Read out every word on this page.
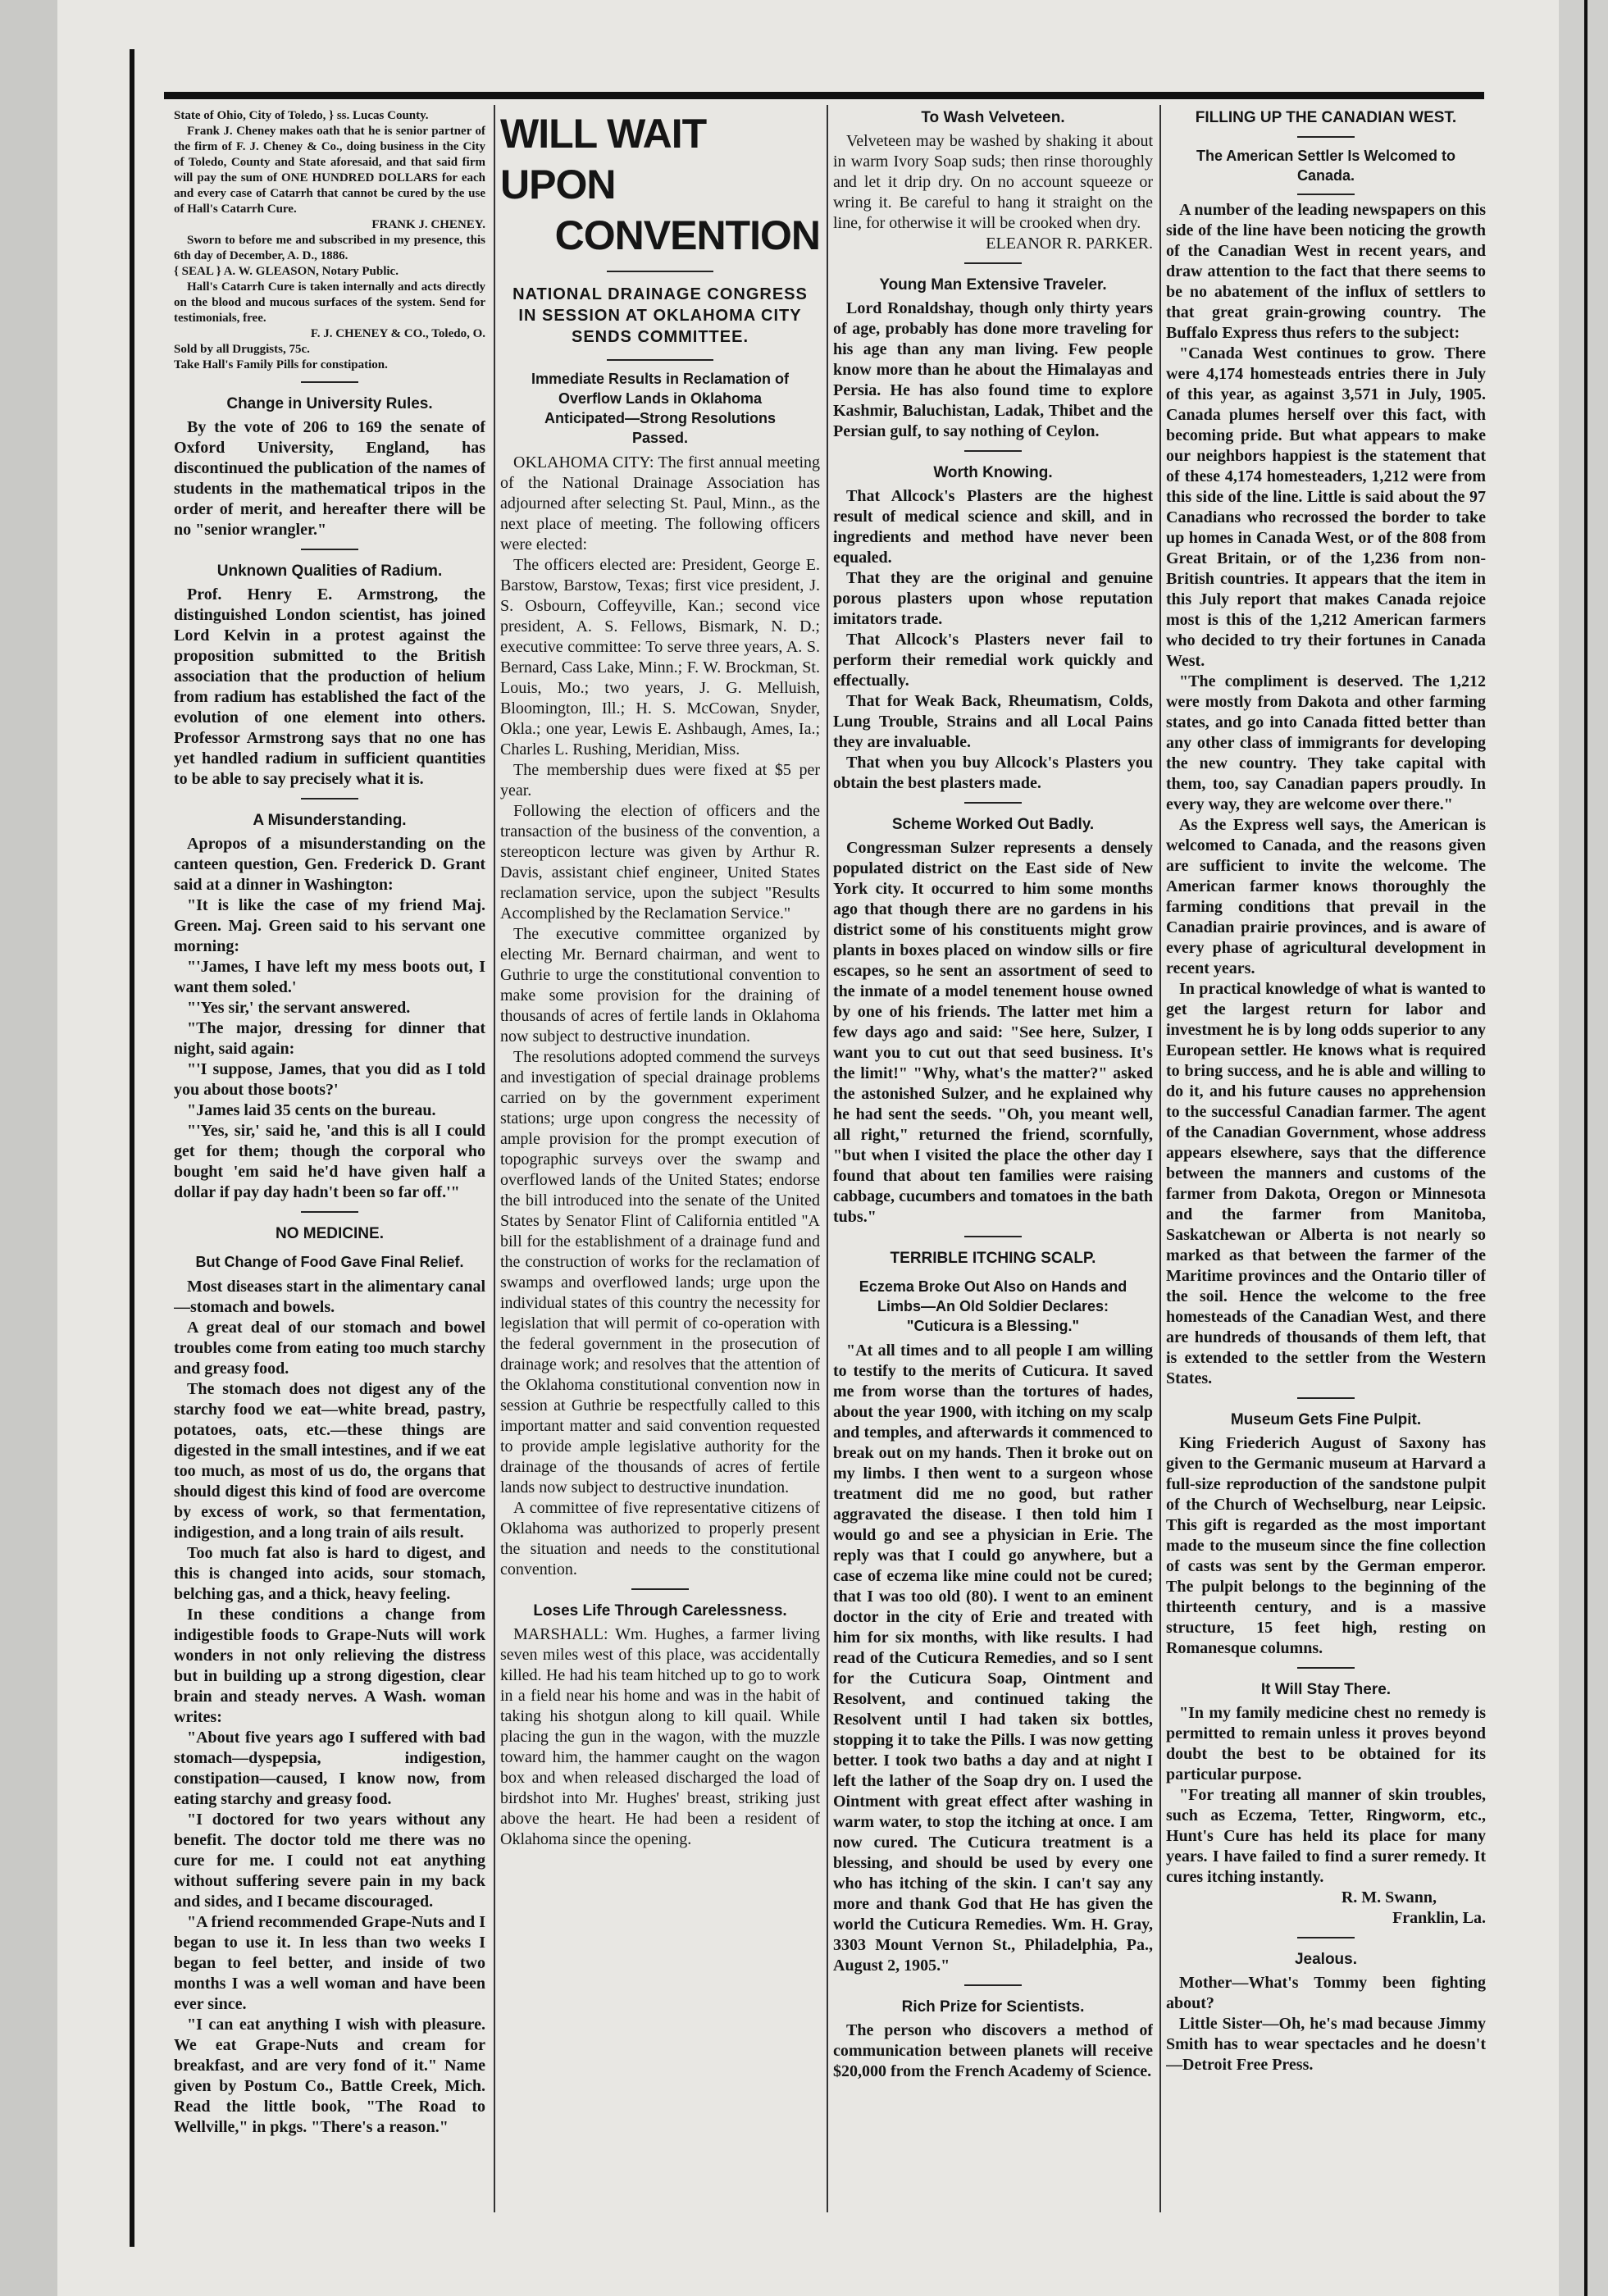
State of Ohio, City of Toledo, } ss. Lucas County.

Frank J. Cheney makes oath that he is senior partner of the firm of F. J. Cheney & Co., doing business in the City of Toledo, County and State aforesaid, and that said firm will pay the sum of ONE HUNDRED DOLLARS for each and every case of Catarrh that cannot be cured by the use of Hall's Catarrh Cure.

FRANK J. CHENEY.

Sworn to before me and subscribed in my presence, this 6th day of December, A. D., 1886.

{ SEAL } A. W. GLEASON, Notary Public.

Hall's Catarrh Cure is taken internally and acts directly on the blood and mucous surfaces of the system. Send for testimonials, free.

F. J. CHENEY & CO., Toledo, O.

Sold by all Druggists, 75c.

Take Hall's Family Pills for constipation.

Change in University Rules.

By the vote of 206 to 169 the senate of Oxford University, England, has discontinued the publication of the names of students in the mathematical tripos in the order of merit, and hereafter there will be no "senior wrangler."

Unknown Qualities of Radium.

Prof. Henry E. Armstrong, the distinguished London scientist, has joined Lord Kelvin in a protest against the proposition submitted to the British association that the production of helium from radium has established the fact of the evolution of one element into others. Professor Armstrong says that no one has yet handled radium in sufficient quantities to be able to say precisely what it is.

A Misunderstanding.

Apropos of a misunderstanding on the canteen question, Gen. Frederick D. Grant said at a dinner in Washington:

"It is like the case of my friend Maj. Green. Maj. Green said to his servant one morning:

"'James, I have left my mess boots out, I want them soled.'

"'Yes sir,' the servant answered.

"The major, dressing for dinner that night, said again:

"'I suppose, James, that you did as I told you about those boots?'

"James laid 35 cents on the bureau.

"'Yes, sir,' said he, 'and this is all I could get for them; though the corporal who bought 'em said he'd have given half a dollar if pay day hadn't been so far off.'"

NO MEDICINE.
But Change of Food Gave Final Relief.

Most diseases start in the alimentary canal—stomach and bowels.

A great deal of our stomach and bowel troubles come from eating too much starchy and greasy food.

The stomach does not digest any of the starchy food we eat—white bread, pastry, potatoes, oats, etc.—these things are digested in the small intestines, and if we eat too much, as most of us do, the organs that should digest this kind of food are overcome by excess of work, so that fermentation, indigestion, and a long train of ails result.

Too much fat also is hard to digest, and this is changed into acids, sour stomach, belching gas, and a thick, heavy feeling.

In these conditions a change from indigestible foods to Grape-Nuts will work wonders in not only relieving the distress but in building up a strong digestion, clear brain and steady nerves. A Wash. woman writes:

"About five years ago I suffered with bad stomach—dyspepsia, indigestion, constipation—caused, I know now, from eating starchy and greasy food.

"I doctored for two years without any benefit. The doctor told me there was no cure for me. I could not eat anything without suffering severe pain in my back and sides, and I became discouraged.

"A friend recommended Grape-Nuts and I began to use it. In less than two weeks I began to feel better, and inside of two months I was a well woman and have been ever since.

"I can eat anything I wish with pleasure. We eat Grape-Nuts and cream for breakfast, and are very fond of it." Name given by Postum Co., Battle Creek, Mich. Read the little book, "The Road to Wellville," in pkgs. "There's a reason."

WILL WAIT UPON
CONVENTION
NATIONAL DRAINAGE CONGRESS IN SESSION AT OKLAHOMA CITY SENDS COMMITTEE.
Immediate Results in Reclamation of Overflow Lands in Oklahoma Anticipated—Strong Resolutions Passed.

OKLAHOMA CITY: The first annual meeting of the National Drainage Association has adjourned after selecting St. Paul, Minn., as the next place of meeting. The following officers were elected:

The officers elected are: President, George E. Barstow, Barstow, Texas; first vice president, J. S. Osbourn, Coffeyville, Kan.; second vice president, A. S. Fellows, Bismark, N. D.; executive committee: To serve three years, A. S. Bernard, Cass Lake, Minn.; F. W. Brockman, St. Louis, Mo.; two years, J. G. Melluish, Bloomington, Ill.; H. S. McCowan, Snyder, Okla.; one year, Lewis E. Ashbaugh, Ames, Ia.; Charles L. Rushing, Meridian, Miss.

The membership dues were fixed at $5 per year.

Following the election of officers and the transaction of the business of the convention, a stereopticon lecture was given by Arthur R. Davis, assistant chief engineer, United States reclamation service, upon the subject "Results Accomplished by the Reclamation Service."

The executive committee organized by electing Mr. Bernard chairman, and went to Guthrie to urge the constitutional convention to make some provision for the draining of thousands of acres of fertile lands in Oklahoma now subject to destructive inundation.

The resolutions adopted commend the surveys and investigation of special drainage problems carried on by the government experiment stations; urge upon congress the necessity of ample provision for the prompt execution of topographic surveys over the swamp and overflowed lands of the United States; endorse the bill introduced into the senate of the United States by Senator Flint of California entitled "A bill for the establishment of a drainage fund and the construction of works for the reclamation of swamps and overflowed lands; urge upon the individual states of this country the necessity for legislation that will permit of co-operation with the federal government in the prosecution of drainage work; and resolves that the attention of the Oklahoma constitutional convention now in session at Guthrie be respectfully called to this important matter and said convention requested to provide ample legislative authority for the drainage of the thousands of acres of fertile lands now subject to destructive inundation.

A committee of five representative citizens of Oklahoma was authorized to properly present the situation and needs to the constitutional convention.

Loses Life Through Carelessness.

MARSHALL: Wm. Hughes, a farmer living seven miles west of this place, was accidentally killed. He had his team hitched up to go to work in a field near his home and was in the habit of taking his shotgun along to kill quail. While placing the gun in the wagon, with the muzzle toward him, the hammer caught on the wagon box and when released discharged the load of birdshot into Mr. Hughes' breast, striking just above the heart. He had been a resident of Oklahoma since the opening.

To Wash Velveteen.

Velveteen may be washed by shaking it about in warm Ivory Soap suds; then rinse thoroughly and let it drip dry. On no account squeeze or wring it. Be careful to hang it straight on the line, for otherwise it will be crooked when dry.

ELEANOR R. PARKER.

Young Man Extensive Traveler.

Lord Ronaldshay, though only thirty years of age, probably has done more traveling for his age than any man living. Few people know more than he about the Himalayas and Persia. He has also found time to explore Kashmir, Baluchistan, Ladak, Thibet and the Persian gulf, to say nothing of Ceylon.

Worth Knowing.

That Allcock's Plasters are the highest result of medical science and skill, and in ingredients and method have never been equaled.

That they are the original and genuine porous plasters upon whose reputation imitators trade.

That Allcock's Plasters never fail to perform their remedial work quickly and effectually.

That for Weak Back, Rheumatism, Colds, Lung Trouble, Strains and all Local Pains they are invaluable.

That when you buy Allcock's Plasters you obtain the best plasters made.

Scheme Worked Out Badly.

Congressman Sulzer represents a densely populated district on the East side of New York city. It occurred to him some months ago that though there are no gardens in his district some of his constituents might grow plants in boxes placed on window sills or fire escapes, so he sent an assortment of seed to the inmate of a model tenement house owned by one of his friends. The latter met him a few days ago and said: "See here, Sulzer, I want you to cut out that seed business. It's the limit!" "Why, what's the matter?" asked the astonished Sulzer, and he explained why he had sent the seeds. "Oh, you meant well, all right," returned the friend, scornfully, "but when I visited the place the other day I found that about ten families were raising cabbage, cucumbers and tomatoes in the bath tubs."

TERRIBLE ITCHING SCALP.
Eczema Broke Out Also on Hands and Limbs—An Old Soldier Declares: "Cuticura is a Blessing."

"At all times and to all people I am willing to testify to the merits of Cuticura. It saved me from worse than the tortures of hades, about the year 1900, with itching on my scalp and temples, and afterwards it commenced to break out on my hands. Then it broke out on my limbs. I then went to a surgeon whose treatment did me no good, but rather aggravated the disease. I then told him I would go and see a physician in Erie. The reply was that I could go anywhere, but a case of eczema like mine could not be cured; that I was too old (80). I went to an eminent doctor in the city of Erie and treated with him for six months, with like results. I had read of the Cuticura Remedies, and so I sent for the Cuticura Soap, Ointment and Resolvent, and continued taking the Resolvent until I had taken six bottles, stopping it to take the Pills. I was now getting better. I took two baths a day and at night I left the lather of the Soap dry on. I used the Ointment with great effect after washing in warm water, to stop the itching at once. I am now cured. The Cuticura treatment is a blessing, and should be used by every one who has itching of the skin. I can't say any more and thank God that He has given the world the Cuticura Remedies. Wm. H. Gray, 3303 Mount Vernon St., Philadelphia, Pa., August 2, 1905."

Rich Prize for Scientists.

The person who discovers a method of communication between planets will receive $20,000 from the French Academy of Science.

FILLING UP THE CANADIAN WEST.
The American Settler Is Welcomed to Canada.

A number of the leading newspapers on this side of the line have been noticing the growth of the Canadian West in recent years, and draw attention to the fact that there seems to be no abatement of the influx of settlers to that great grain-growing country. The Buffalo Express thus refers to the subject:

"Canada West continues to grow. There were 4,174 homesteads entries there in July of this year, as against 3,571 in July, 1905. Canada plumes herself over this fact, with becoming pride. But what appears to make our neighbors happiest is the statement that of these 4,174 homesteaders, 1,212 were from this side of the line. Little is said about the 97 Canadians who recrossed the border to take up homes in Canada West, or of the 808 from Great Britain, or of the 1,236 from non-British countries. It appears that the item in this July report that makes Canada rejoice most is this of the 1,212 American farmers who decided to try their fortunes in Canada West.

"The compliment is deserved. The 1,212 were mostly from Dakota and other farming states, and go into Canada fitted better than any other class of immigrants for developing the new country. They take capital with them, too, say Canadian papers proudly. In every way, they are welcome over there."

As the Express well says, the American is welcomed to Canada, and the reasons given are sufficient to invite the welcome. The American farmer knows thoroughly the farming conditions that prevail in the Canadian prairie provinces, and is aware of every phase of agricultural development in recent years.

In practical knowledge of what is wanted to get the largest return for labor and investment he is by long odds superior to any European settler. He knows what is required to bring success, and he is able and willing to do it, and his future causes no apprehension to the successful Canadian farmer. The agent of the Canadian Government, whose address appears elsewhere, says that the difference between the manners and customs of the farmer from Dakota, Oregon or Minnesota and the farmer from Manitoba, Saskatchewan or Alberta is not nearly so marked as that between the farmer of the Maritime provinces and the Ontario tiller of the soil. Hence the welcome to the free homesteads of the Canadian West, and there are hundreds of thousands of them left, that is extended to the settler from the Western States.

Museum Gets Fine Pulpit.

King Friederich August of Saxony has given to the Germanic museum at Harvard a full-size reproduction of the sandstone pulpit of the Church of Wechselburg, near Leipsic. This gift is regarded as the most important made to the museum since the fine collection of casts was sent by the German emperor. The pulpit belongs to the beginning of the thirteenth century, and is a massive structure, 15 feet high, resting on Romanesque columns.

It Will Stay There.

"In my family medicine chest no remedy is permitted to remain unless it proves beyond doubt the best to be obtained for its particular purpose.

"For treating all manner of skin troubles, such as Eczema, Tetter, Ringworm, etc., Hunt's Cure has held its place for many years. I have failed to find a surer remedy. It cures itching instantly.

R. M. Swann,

Franklin, La.

Jealous.

Mother—What's Tommy been fighting about?

Little Sister—Oh, he's mad because Jimmy Smith has to wear spectacles and he doesn't—Detroit Free Press.
